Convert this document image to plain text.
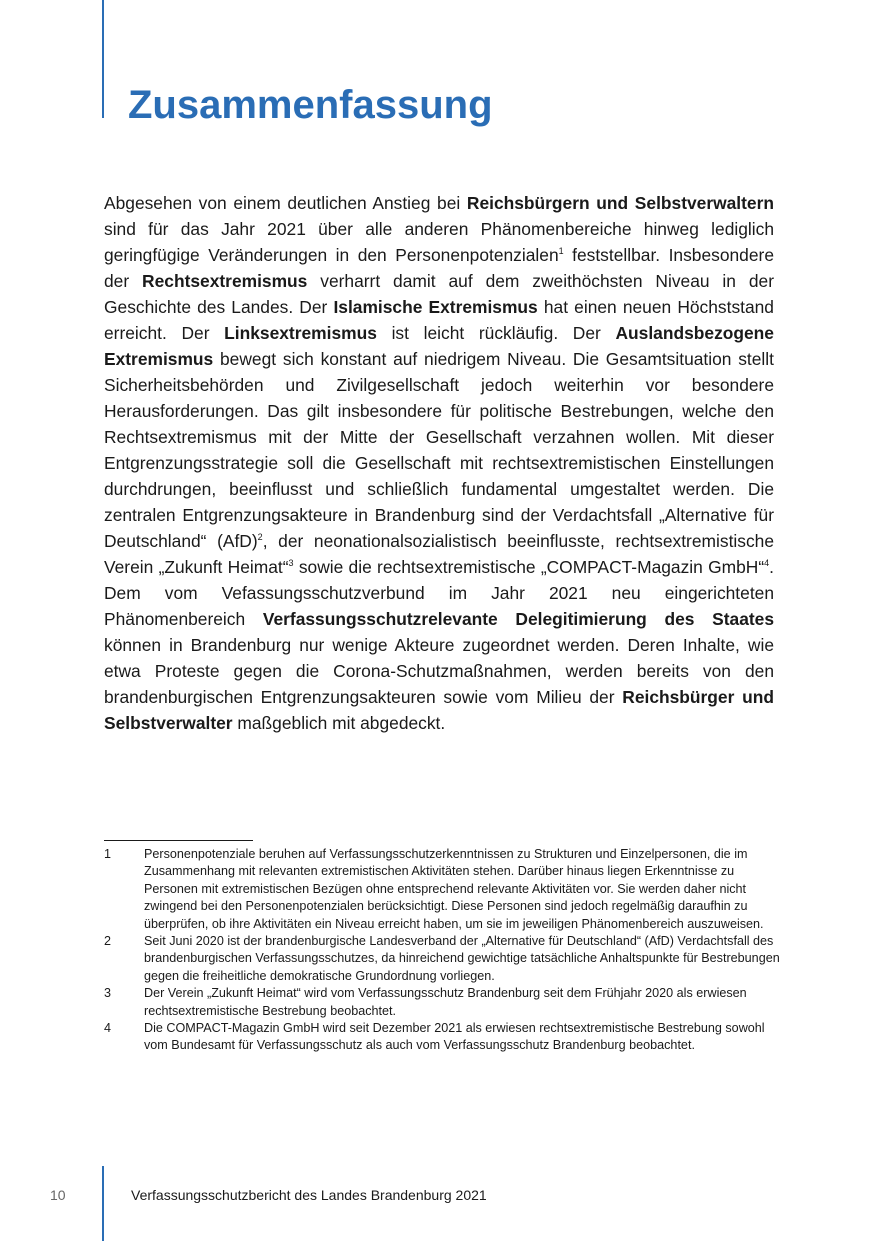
Zusammenfassung

Abgesehen von einem deutlichen Anstieg bei Reichsbürgern und Selbstverwaltern sind für das Jahr 2021 über alle anderen Phänomenbereiche hinweg lediglich geringfügige Veränderungen in den Personenpotenzialen$^1$ feststellbar. Insbesondere der Rechtsextremismus verharrt damit auf dem zweithöchsten Niveau in der Geschichte des Landes. Der Islamische Extremismus hat einen neuen Höchststand erreicht. Der Linksextremismus ist leicht rückläufig. Der Auslandsbezogene Extremismus bewegt sich konstant auf niedrigem Niveau. Die Gesamtsituation stellt Sicherheitsbehörden und Zivilgesellschaft jedoch weiterhin vor besondere Herausforderungen. Das gilt insbesondere für politische Bestrebungen, welche den Rechtsextremismus mit der Mitte der Gesellschaft verzahnen wollen. Mit dieser Entgrenzungsstrategie soll die Gesellschaft mit rechtsextremistischen Einstellungen durchdrungen, beeinflusst und schließlich fundamental umgestaltet werden. Die zentralen Entgrenzungsakteure in Brandenburg sind der Verdachtsfall „Alternative für Deutschland“ (AfD)$^2$, der neonationalsozialistisch beeinflusste, rechtsextremistische Verein „Zukunft Heimat“$^3$ sowie die rechtsextremistische „COMPACT-Magazin GmbH“$^4$. Dem vom Vefassungsschutzverbund im Jahr 2021 neu eingerichteten Phänomenbereich Verfassungsschutzrelevante Delegitimierung des Staates können in Brandenburg nur wenige Akteure zugeordnet werden. Deren Inhalte, wie etwa Proteste gegen die Corona-Schutzmaßnahmen, werden bereits von den brandenburgischen Entgrenzungsakteuren sowie vom Milieu der Reichsbürger und Selbstverwalter maßgeblich mit abgedeckt.

1	Personenpotenziale beruhen auf Verfassungsschutzerkenntnissen zu Strukturen und Einzelpersonen, die im Zusammenhang mit relevanten extremistischen Aktivitäten stehen. Darüber hinaus liegen Erkenntnisse zu Personen mit extremistischen Bezügen ohne entsprechend relevante Aktivitäten vor. Sie werden daher nicht zwingend bei den Personenpotenzialen berücksichtigt. Diese Personen sind jedoch regelmäßig daraufhin zu überprüfen, ob ihre Aktivitäten ein Niveau erreicht haben, um sie im jeweiligen Phänomenbereich auszuweisen.
2	Seit Juni 2020 ist der brandenburgische Landesverband der „Alternative für Deutschland“ (AfD) Verdachtsfall des brandenburgischen Verfassungsschutzes, da hinreichend gewichtige tatsächliche Anhaltspunkte für Bestrebungen gegen die freiheitliche demokratische Grundordnung vorliegen.
3	Der Verein „Zukunft Heimat“ wird vom Verfassungsschutz Brandenburg seit dem Frühjahr 2020 als erwiesen rechtsextremistische Bestrebung beobachtet.
4	Die COMPACT-Magazin GmbH wird seit Dezember 2021 als erwiesen rechtsextremistische Bestrebung sowohl vom Bundesamt für Verfassungsschutz als auch vom Verfassungsschutz Brandenburg beobachtet.
10	Verfassungsschutzbericht des Landes Brandenburg 2021
